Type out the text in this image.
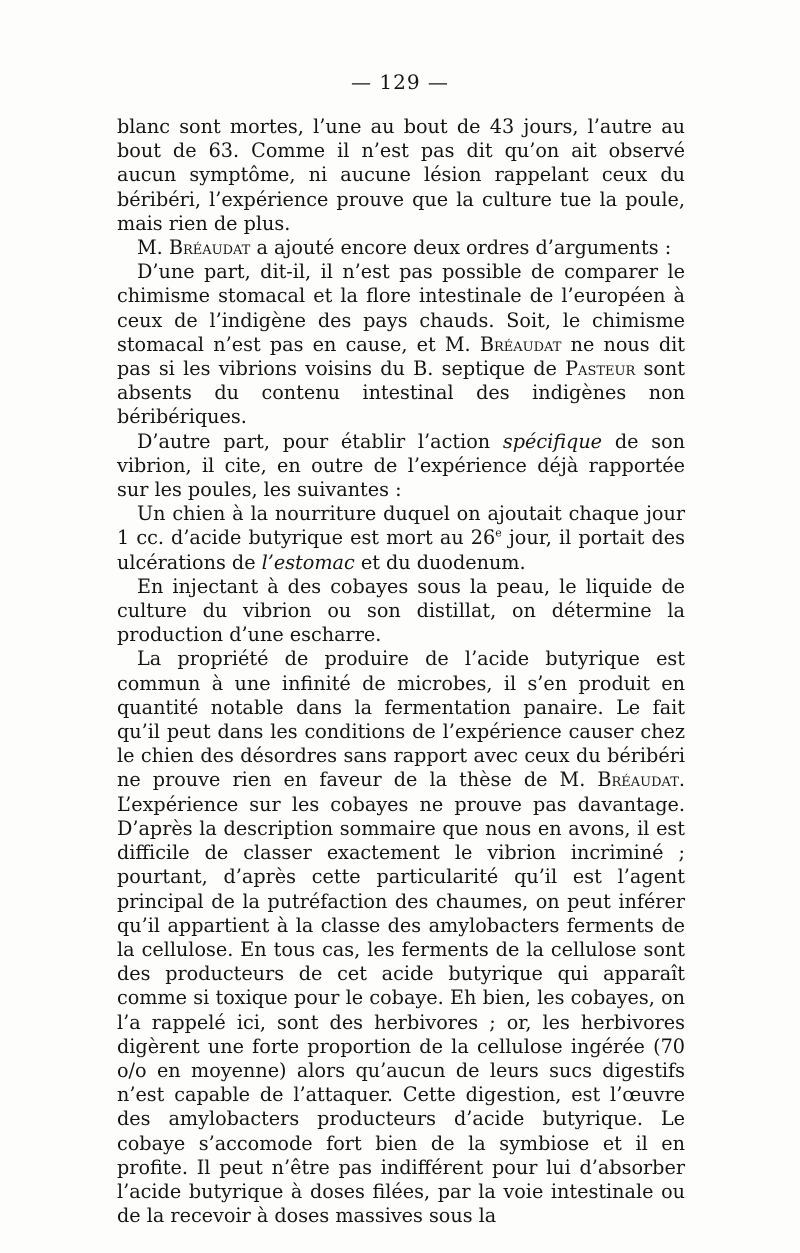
— 129 —

blanc sont mortes, l’une au bout de 43 jours, l’autre au bout de 63. Comme il n’est pas dit qu’on ait observé aucun symptôme, ni aucune lésion rappelant ceux du béribéri, l’expérience prouve que la culture tue la poule, mais rien de plus.

M. Bréaudat a ajouté encore deux ordres d’arguments :

D’une part, dit-il, il n’est pas possible de comparer le chimisme stomacal et la flore intestinale de l’européen à ceux de l’indigène des pays chauds. Soit, le chimisme stomacal n’est pas en cause, et M. Bréaudat ne nous dit pas si les vibrions voisins du B. septique de Pasteur sont absents du contenu intestinal des indigènes non béribériques.

D’autre part, pour établir l’action spécifique de son vibrion, il cite, en outre de l’expérience déjà rapportée sur les poules, les suivantes :

Un chien à la nourriture duquel on ajoutait chaque jour 1 cc. d’acide butyrique est mort au 26e jour, il portait des ulcérations de l’estomac et du duodenum.

En injectant à des cobayes sous la peau, le liquide de culture du vibrion ou son distillat, on détermine la production d’une escharre.

La propriété de produire de l’acide butyrique est commun à une infinité de microbes, il s’en produit en quantité notable dans la fermentation panaire. Le fait qu’il peut dans les conditions de l’expérience causer chez le chien des désordres sans rapport avec ceux du béribéri ne prouve rien en faveur de la thèse de M. Bréaudat. L’expérience sur les cobayes ne prouve pas davantage. D’après la description sommaire que nous en avons, il est difficile de classer exactement le vibrion incriminé ; pourtant, d’après cette particularité qu’il est l’agent principal de la putréfaction des chaumes, on peut inférer qu’il appartient à la classe des amylobacters ferments de la cellulose. En tous cas, les ferments de la cellulose sont des producteurs de cet acide butyrique qui apparaît comme si toxique pour le cobaye. Eh bien, les cobayes, on l’a rappelé ici, sont des herbivores ; or, les herbivores digèrent une forte proportion de la cellulose ingérée (70 o/o en moyenne) alors qu’aucun de leurs sucs digestifs n’est capable de l’attaquer. Cette digestion, est l’œuvre des amylobacters producteurs d’acide butyrique. Le cobaye s’accomode fort bien de la symbiose et il en profite. Il peut n’être pas indifférent pour lui d’absorber l’acide butyrique à doses filées, par la voie intestinale ou de la recevoir à doses massives sous la
